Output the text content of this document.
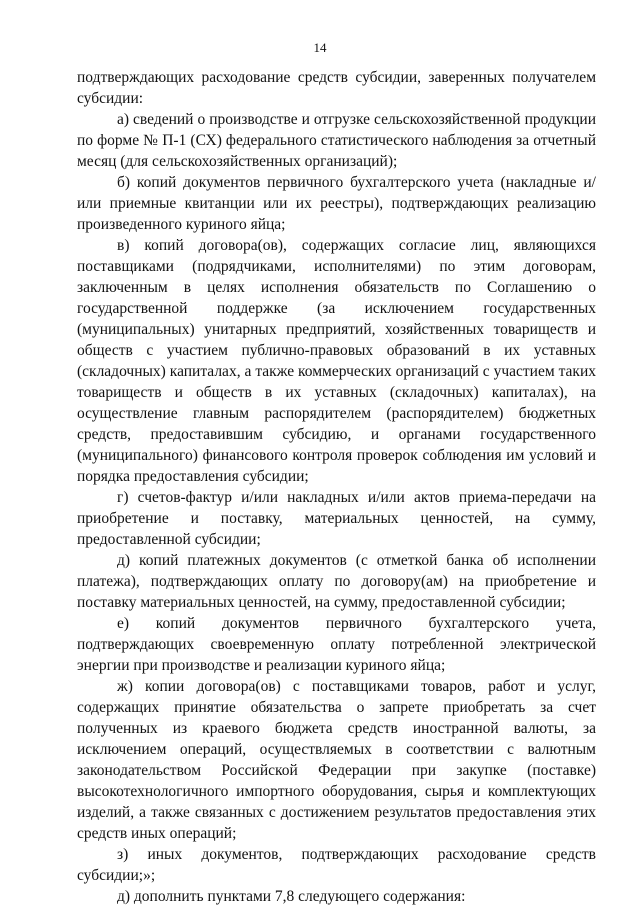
14

подтверждающих расходование средств субсидии, заверенных получателем субсидии:

а) сведений о производстве и отгрузке сельскохозяйственной продукции по форме № П-1 (СХ) федерального статистического наблюдения за отчетный месяц (для сельскохозяйственных организаций);

б) копий документов первичного бухгалтерского учета (накладные и/или приемные квитанции или их реестры), подтверждающих реализацию произведенного куриного яйца;

в) копий договора(ов), содержащих согласие лиц, являющихся поставщиками (подрядчиками, исполнителями) по этим договорам, заключенным в целях исполнения обязательств по Соглашению о государственной поддержке (за исключением государственных (муниципальных) унитарных предприятий, хозяйственных товариществ и обществ с участием публично-правовых образований в их уставных (складочных) капиталах, а также коммерческих организаций с участием таких товариществ и обществ в их уставных (складочных) капиталах), на осуществление главным распорядителем (распорядителем) бюджетных средств, предоставившим субсидию, и органами государственного (муниципального) финансового контроля проверок соблюдения им условий и порядка предоставления субсидии;

г) счетов-фактур и/или накладных и/или актов приема-передачи на приобретение и поставку, материальных ценностей, на сумму, предоставленной субсидии;

д) копий платежных документов (с отметкой банка об исполнении платежа), подтверждающих оплату по договору(ам) на приобретение и поставку материальных ценностей, на сумму, предоставленной субсидии;

е) копий документов первичного бухгалтерского учета, подтверждающих своевременную оплату потребленной электрической энергии при производстве и реализации куриного яйца;

ж) копии договора(ов) с поставщиками товаров, работ и услуг, содержащих принятие обязательства о запрете приобретать за счет полученных из краевого бюджета средств иностранной валюты, за исключением операций, осуществляемых в соответствии с валютным законодательством Российской Федерации при закупке (поставке) высокотехнологичного импортного оборудования, сырья и комплектующих изделий, а также связанных с достижением результатов предоставления этих средств иных операций;

з) иных документов, подтверждающих расходование средств субсидии;»;

д) дополнить пунктами 7,8 следующего содержания:
